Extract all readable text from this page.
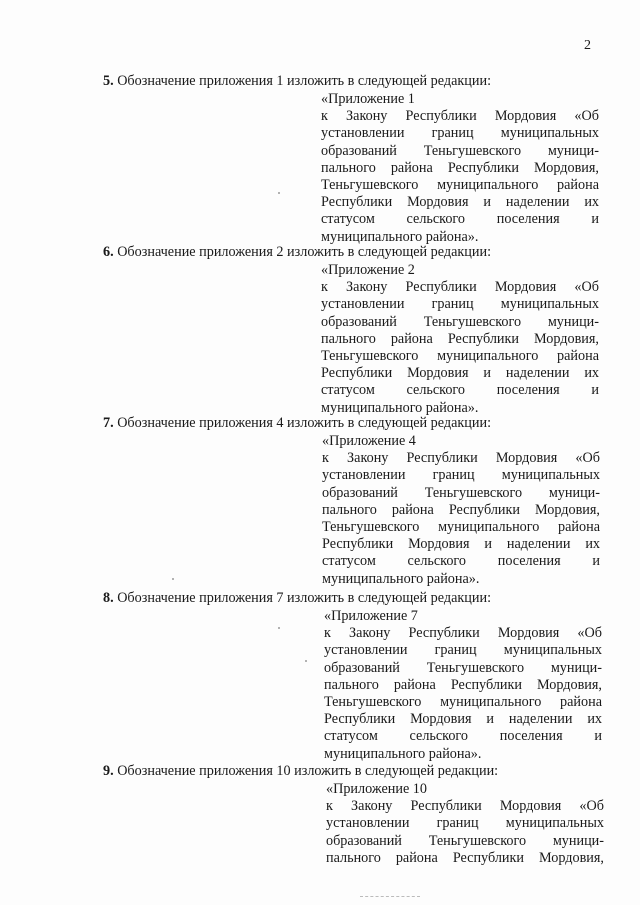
2
5. Обозначение приложения 1 изложить в следующей редакции:
«Приложение 1
к Закону Республики Мордовия «Об
установлении границ муниципальных
образований Теньгушевского муници-
пального района Республики Мордовия,
Теньгушевского муниципального района
Республики Мордовия и наделении их
статусом сельского поселения и
муниципального района».
6. Обозначение приложения 2 изложить в следующей редакции:
«Приложение 2
к Закону Республики Мордовия «Об
установлении границ муниципальных
образований Теньгушевского муници-
пального района Республики Мордовия,
Теньгушевского муниципального района
Республики Мордовия и наделении их
статусом сельского поселения и
муниципального района».
7. Обозначение приложения 4 изложить в следующей редакции:
«Приложение 4
к Закону Республики Мордовия «Об
установлении границ муниципальных
образований Теньгушевского муници-
пального района Республики Мордовия,
Теньгушевского муниципального района
Республики Мордовия и наделении их
статусом сельского поселения и
муниципального района».
8. Обозначение приложения 7 изложить в следующей редакции:
«Приложение 7
к Закону Республики Мордовия «Об
установлении границ муниципальных
образований Теньгушевского муници-
пального района Республики Мордовия,
Теньгушевского муниципального района
Республики Мордовия и наделении их
статусом сельского поселения и
муниципального района».
9. Обозначение приложения 10 изложить в следующей редакции:
«Приложение 10
к Закону Республики Мордовия «Об
установлении границ муниципальных
образований Теньгушевского муници-
пального района Республики Мордовия,
